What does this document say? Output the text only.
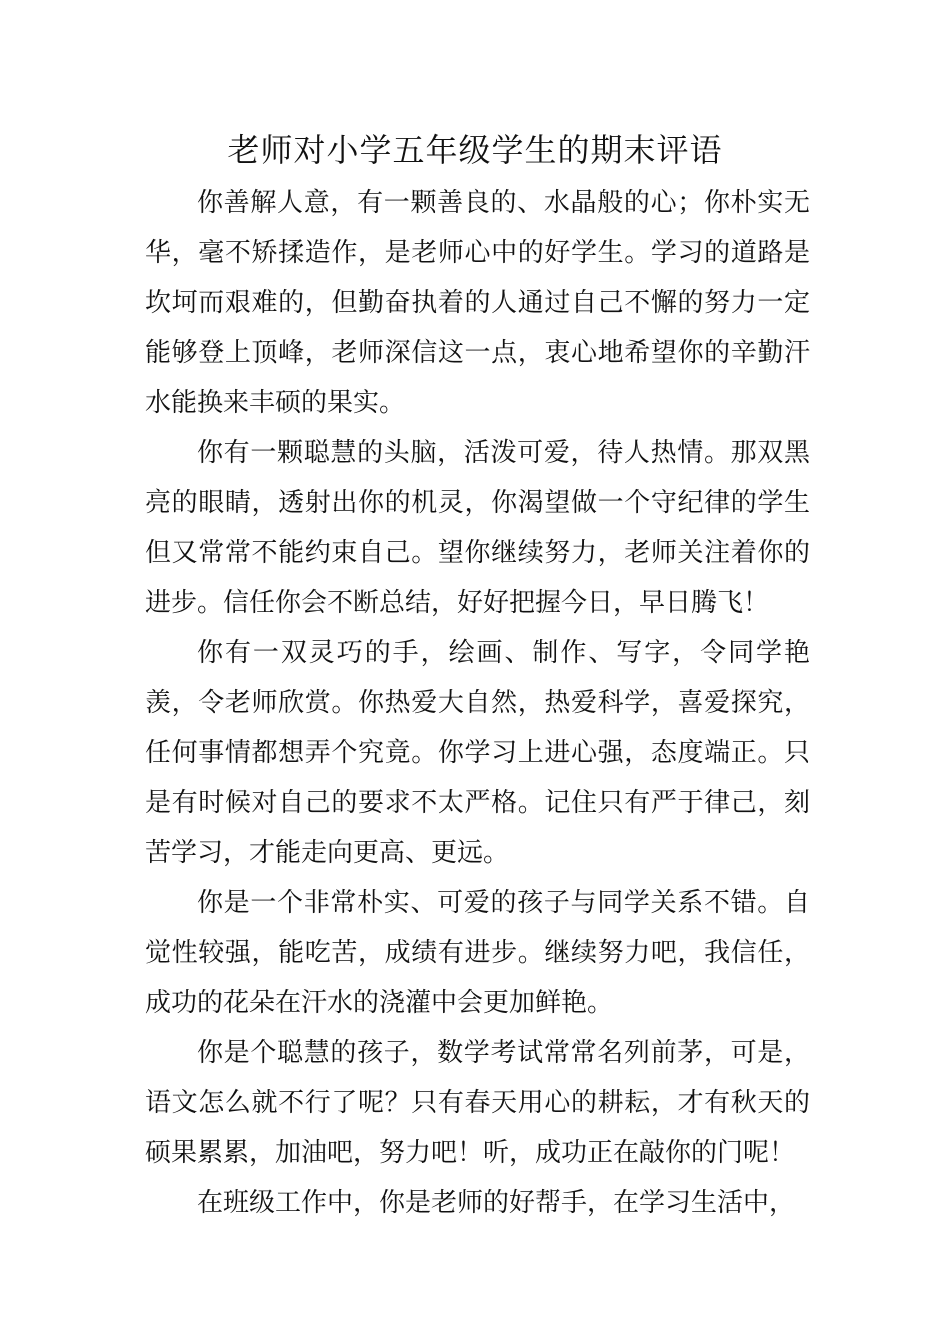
老师对小学五年级学生的期末评语

你善解人意，有一颗善良的、水晶般的心；你朴实无华，毫不矫揉造作，是老师心中的好学生。学习的道路是坎坷而艰难的，但勤奋执着的人通过自己不懈的努力一定能够登上顶峰，老师深信这一点，衷心地希望你的辛勤汗水能换来丰硕的果实。

你有一颗聪慧的头脑，活泼可爱，待人热情。那双黑亮的眼睛，透射出你的机灵，你渴望做一个守纪律的学生但又常常不能约束自己。望你继续努力，老师关注着你的进步。信任你会不断总结，好好把握今日，早日腾飞！

你有一双灵巧的手，绘画、制作、写字，令同学艳羡，令老师欣赏。你热爱大自然，热爱科学，喜爱探究，任何事情都想弄个究竟。你学习上进心强，态度端正。只是有时候对自己的要求不太严格。记住只有严于律己，刻苦学习，才能走向更高、更远。

你是一个非常朴实、可爱的孩子与同学关系不错。自觉性较强，能吃苦，成绩有进步。继续努力吧，我信任，成功的花朵在汗水的浇灌中会更加鲜艳。

你是个聪慧的孩子，数学考试常常名列前茅，可是，语文怎么就不行了呢？只有春天用心的耕耘，才有秋天的硕果累累，加油吧，努力吧！听，成功正在敲你的门呢！

在班级工作中，你是老师的好帮手，在学习生活中，
